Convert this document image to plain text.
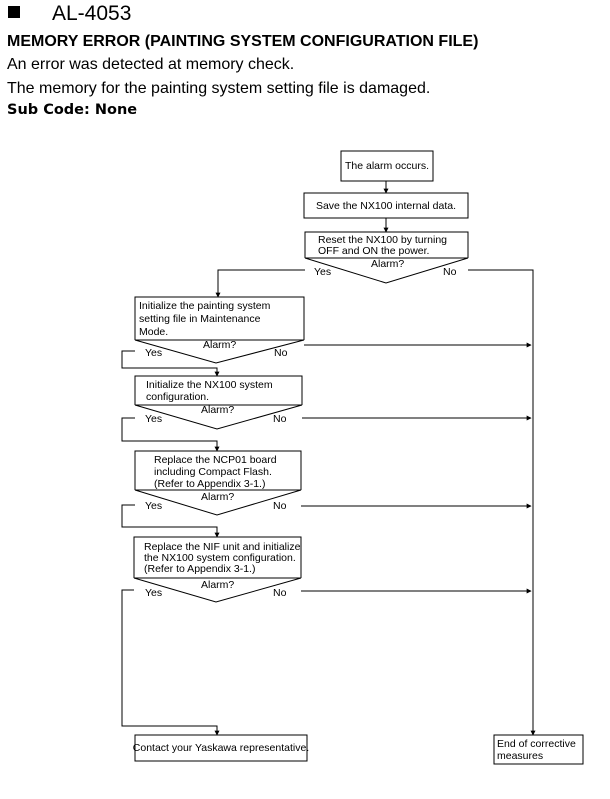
AL-4053
MEMORY ERROR (PAINTING SYSTEM CONFIGURATION FILE)
An error was detected at memory check.
The memory for the painting system setting file is damaged.
Sub Code: None
The alarm occurs.
Save the NX100 internal data.
Reset the NX100 by turning
OFF and ON the power.
Alarm?
Yes	No
Initialize the painting system
setting file in Maintenance
Mode.
Alarm?
Yes	No
Initialize the NX100 system
configuration.
Alarm?
Yes	No
Replace the NCP01 board
including Compact Flash.
(Refer to Appendix 3-1.)
Alarm?
Yes	No
Replace the NIF unit and initialize
the NX100 system configuration.
(Refer to Appendix 3-1.)
Alarm?
Yes	No
Contact your Yaskawa representative.	End of corrective
measures
